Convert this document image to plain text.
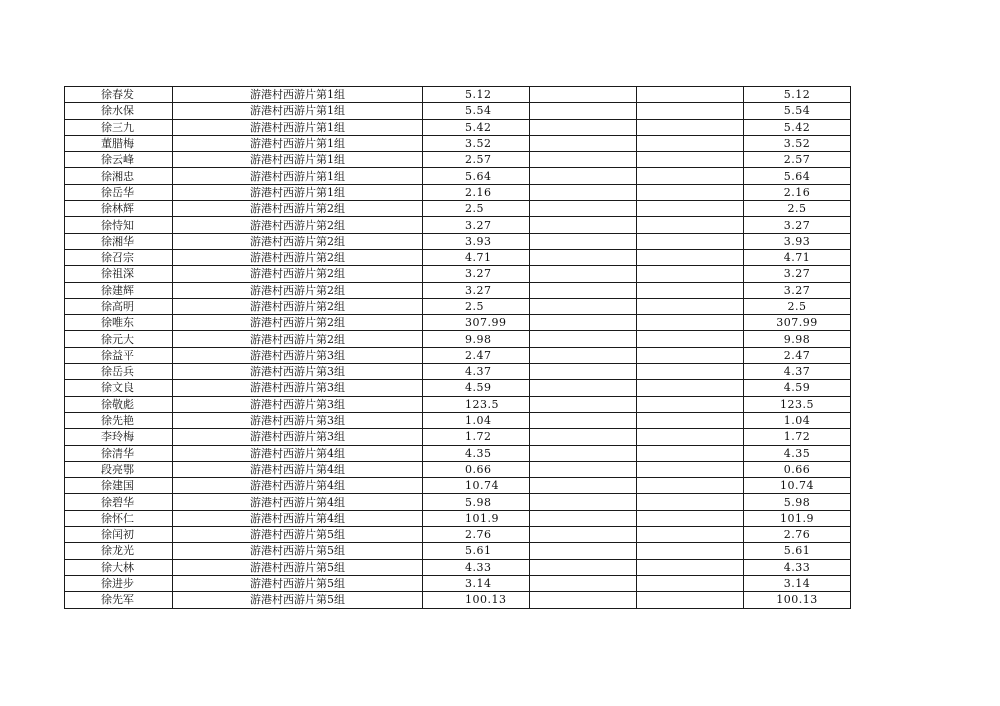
徐春发	游港村西游片第1组	5.12			5.12
徐水保	游港村西游片第1组	5.54			5.54
徐三九	游港村西游片第1组	5.42			5.42
董腊梅	游港村西游片第1组	3.52			3.52
徐云峰	游港村西游片第1组	2.57			2.57
徐湘忠	游港村西游片第1组	5.64			5.64
徐岳华	游港村西游片第1组	2.16			2.16
徐林辉	游港村西游片第2组	2.5			2.5
徐恃知	游港村西游片第2组	3.27			3.27
徐湘华	游港村西游片第2组	3.93			3.93
徐召宗	游港村西游片第2组	4.71			4.71
徐祖深	游港村西游片第2组	3.27			3.27
徐建辉	游港村西游片第2组	3.27			3.27
徐高明	游港村西游片第2组	2.5			2.5
徐唯东	游港村西游片第2组	307.99			307.99
徐元大	游港村西游片第2组	9.98			9.98
徐益平	游港村西游片第3组	2.47			2.47
徐岳兵	游港村西游片第3组	4.37			4.37
徐文良	游港村西游片第3组	4.59			4.59
徐敬彪	游港村西游片第3组	123.5			123.5
徐先艳	游港村西游片第3组	1.04			1.04
李玲梅	游港村西游片第3组	1.72			1.72
徐清华	游港村西游片第4组	4.35			4.35
段亮鄂	游港村西游片第4组	0.66			0.66
徐建国	游港村西游片第4组	10.74			10.74
徐碧华	游港村西游片第4组	5.98			5.98
徐怀仁	游港村西游片第4组	101.9			101.9
徐闰初	游港村西游片第5组	2.76			2.76
徐龙光	游港村西游片第5组	5.61			5.61
徐大林	游港村西游片第5组	4.33			4.33
徐进步	游港村西游片第5组	3.14			3.14
徐先军	游港村西游片第5组	100.13			100.13
